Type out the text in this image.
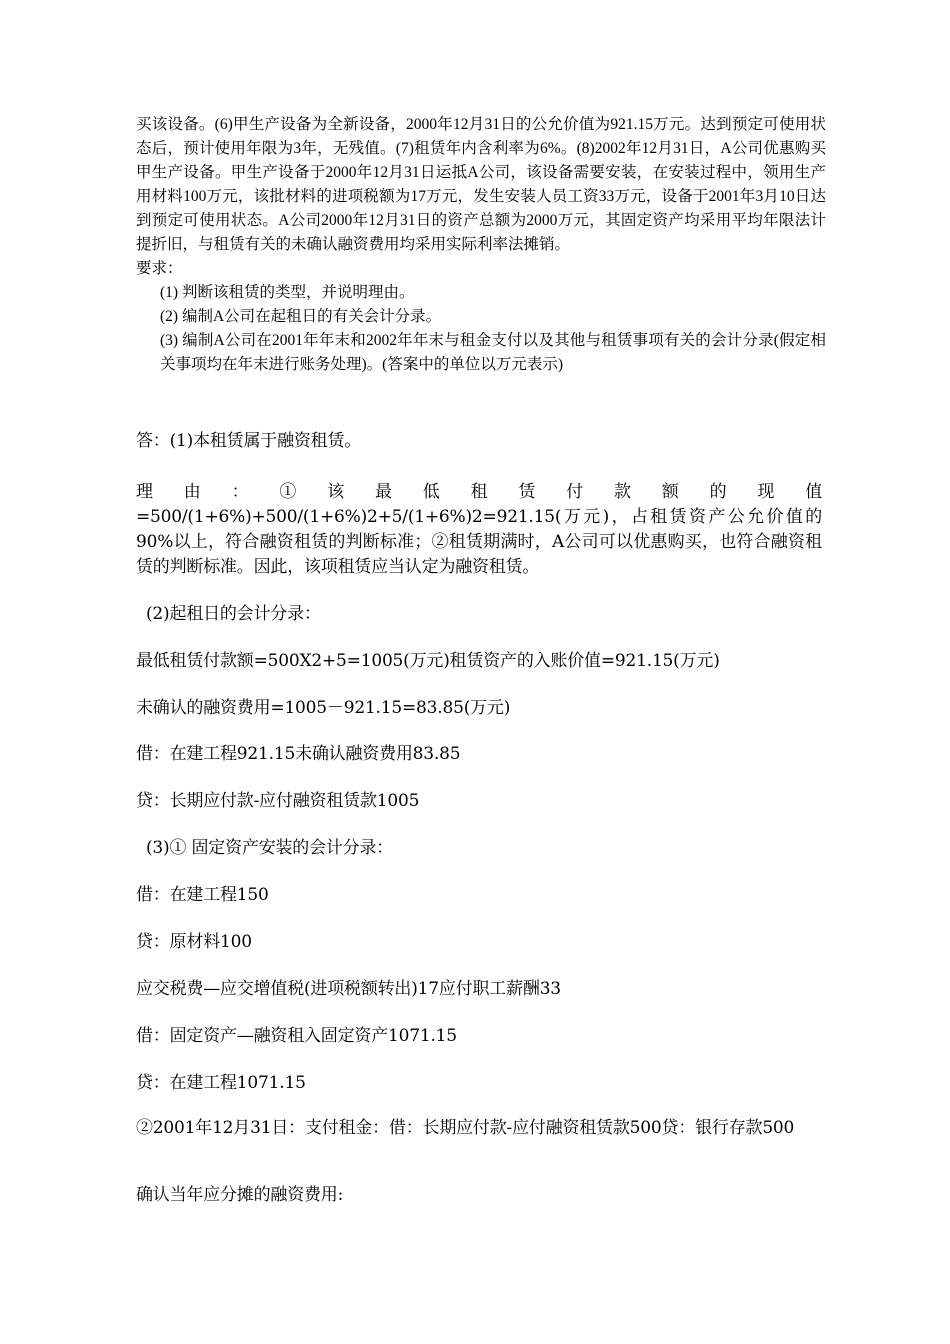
买该设备。(6)甲生产设备为全新设备，2000年12月31日的公允价值为921.15万元。达到预定可使用状态后，预计使用年限为3年，无残值。(7)租赁年内含利率为6%。(8)2002年12月31日，A公司优惠购买甲生产设备。甲生产设备于2000年12月31日运抵A公司，该设备需要安装，在安装过程中，领用生产用材料100万元，该批材料的进项税额为17万元，发生安装人员工资33万元，设备于2001年3月10日达到预定可使用状态。A公司2000年12月31日的资产总额为2000万元，其固定资产均采用平均年限法计提折旧，与租赁有关的未确认融资费用均采用实际利率法摊销。

要求：

(1) 判断该租赁的类型，并说明理由。

(2) 编制A公司在起租日的有关会计分录。

(3) 编制A公司在2001年年末和2002年年末与租金支付以及其他与租赁事项有关的会计分录(假定相关事项均在年末进行账务处理)。(答案中的单位以万元表示)

答：(1)本租赁属于融资租赁。
理由：①该最低租赁付款额的现值=500/(1+6%)+500/(1+6%)2+5/(1+6%)2=921.15(万元)，占租赁资产公允价值的90%以上，符合融资租赁的判断标准；②租赁期满时，A公司可以优惠购买，也符合融资租赁的判断标准。因此，该项租赁应当认定为融资租赁。
(2)起租日的会计分录：
最低租赁付款额=500X2+5=1005(万元)租赁资产的入账价值=921.15(万元)
未确认的融资费用=1005－921.15=83.85(万元)
借：在建工程921.15未确认融资费用83.85
贷：长期应付款-应付融资租赁款1005
(3)① 固定资产安装的会计分录：
借：在建工程150
贷：原材料100
应交税费—应交增值税(进项税额转出)17应付职工薪酬33
借：固定资产—融资租入固定资产1071.15
贷：在建工程1071.15
②2001年12月31日：支付租金：借：长期应付款-应付融资租赁款500贷：银行存款500
确认当年应分摊的融资费用:
